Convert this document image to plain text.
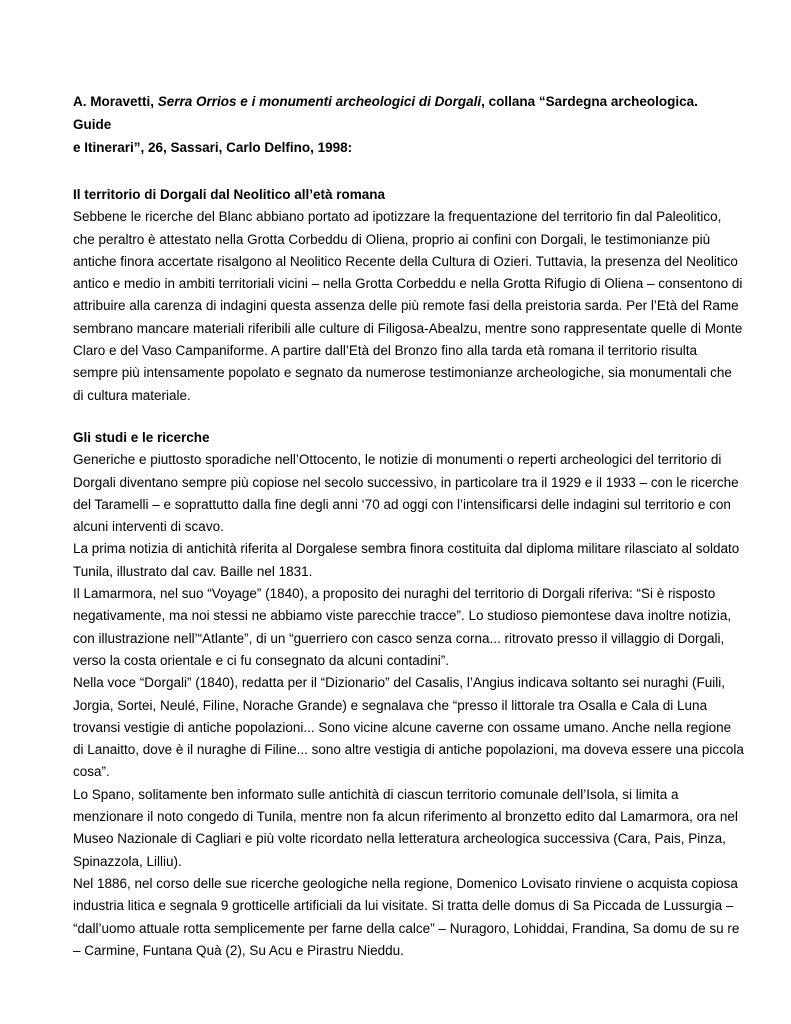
A. Moravetti, Serra Orrios e i monumenti archeologici di Dorgali, collana “Sardegna archeologica. Guide
e Itinerari”, 26, Sassari, Carlo Delfino, 1998:

Il territorio di Dorgali dal Neolitico all’età romana

Sebbene le ricerche del Blanc abbiano portato ad ipotizzare la frequentazione del territorio fin dal Paleolitico,
che peraltro è attestato nella Grotta Corbeddu di Oliena, proprio ai confini con Dorgali, le testimonianze più
antiche finora accertate risalgono al Neolitico Recente della Cultura di Ozieri. Tuttavia, la presenza del Neolitico
antico e medio in ambiti territoriali vicini – nella Grotta Corbeddu e nella Grotta Rifugio di Oliena – consentono di
attribuire alla carenza di indagini questa assenza delle più remote fasi della preistoria sarda. Per l’Età del Rame
sembrano mancare materiali riferibili alle culture di Filigosa-Abealzu, mentre sono rappresentate quelle di Monte
Claro e del Vaso Campaniforme. A partire dall’Età del Bronzo fino alla tarda età romana il territorio risulta
sempre più intensamente popolato e segnato da numerose testimonianze archeologiche, sia monumentali che
di cultura materiale.

Gli studi e le ricerche

Generiche e piuttosto sporadiche nell’Ottocento, le notizie di monumenti o reperti archeologici del territorio di
Dorgali diventano sempre più copiose nel secolo successivo, in particolare tra il 1929 e il 1933 – con le ricerche
del Taramelli – e soprattutto dalla fine degli anni ‘70 ad oggi con l’intensificarsi delle indagini sul territorio e con
alcuni interventi di scavo.
La prima notizia di antichità riferita al Dorgalese sembra finora costituita dal diploma militare rilasciato al soldato
Tunila, illustrato dal cav. Baille nel 1831.
Il Lamarmora, nel suo “Voyage” (1840), a proposito dei nuraghi del territorio di Dorgali riferiva: “Si è risposto
negativamente, ma noi stessi ne abbiamo viste parecchie tracce”. Lo studioso piemontese dava inoltre notizia,
con illustrazione nell’“Atlante”, di un “guerriero con casco senza corna... ritrovato presso il villaggio di Dorgali,
verso la costa orientale e ci fu consegnato da alcuni contadini”.
Nella voce “Dorgali” (1840), redatta per il “Dizionario” del Casalis, l’Angius indicava soltanto sei nuraghi (Fuili,
Jorgia, Sortei, Neulé, Filine, Norache Grande) e segnalava che “presso il littorale tra Osalla e Cala di Luna
trovansi vestigie di antiche popolazioni... Sono vicine alcune caverne con ossame umano. Anche nella regione
di Lanaitto, dove è il nuraghe di Filine... sono altre vestigia di antiche popolazioni, ma doveva essere una piccola
cosa”.
Lo Spano, solitamente ben informato sulle antichità di ciascun territorio comunale dell’Isola, si limita a
menzionare il noto congedo di Tunila, mentre non fa alcun riferimento al bronzetto edito dal Lamarmora, ora nel
Museo Nazionale di Cagliari e più volte ricordato nella letteratura archeologica successiva (Cara, Pais, Pinza,
Spinazzola, Lilliu).
Nel 1886, nel corso delle sue ricerche geologiche nella regione, Domenico Lovisato rinviene o acquista copiosa
industria litica e segnala 9 grotticelle artificiali da lui visitate. Si tratta delle domus di Sa Piccada de Lussurgia –
“dall’uomo attuale rotta semplicemente per farne della calce” – Nuragoro, Lohiddai, Frandina, Sa domu de su re
– Carmine, Funtana Quà (2), Su Acu e Pirastru Nieddu.
